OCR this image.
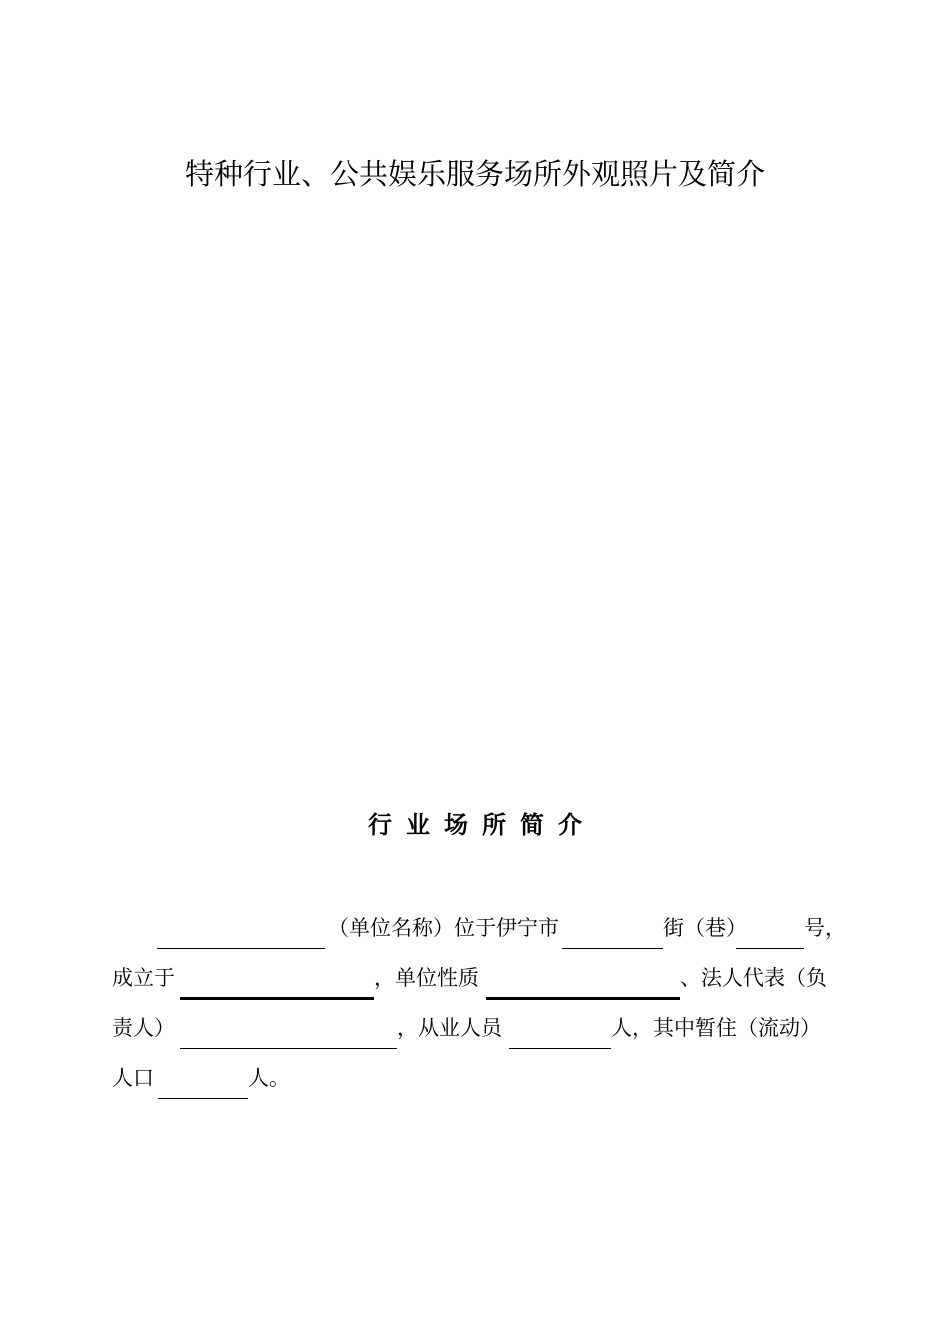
特种行业、公共娱乐服务场所外观照片及简介
行业场所简介
（单位名称）位于伊宁市	街（巷）	号，
成立于	，单位性质	、法人代表（负
责人）	，从业人员	人，其中暂住（流动）
人口	人。
